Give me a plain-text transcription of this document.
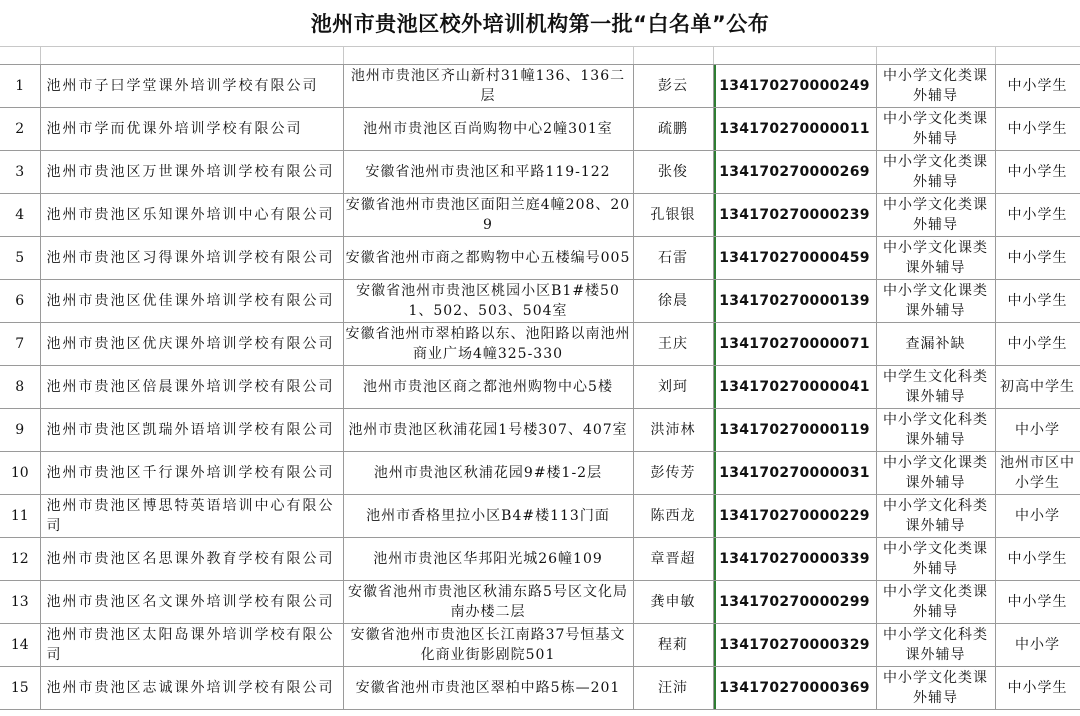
池州市贵池区校外培训机构第一批“白名单”公布
1	池州市子曰学堂课外培训学校有限公司	池州市贵池区齐山新村31幢136、136二层	彭云	134170270000249	中小学文化类课外辅导	中小学生
2	池州市学而优课外培训学校有限公司	池州市贵池区百尚购物中心2幢301室	疏鹏	134170270000011	中小学文化类课外辅导	中小学生
3	池州市贵池区万世课外培训学校有限公司	安徽省池州市贵池区和平路119-122	张俊	134170270000269	中小学文化类课外辅导	中小学生
4	池州市贵池区乐知课外培训中心有限公司	安徽省池州市贵池区面阳兰庭4幢208、209	孔银银	134170270000239	中小学文化类课外辅导	中小学生
5	池州市贵池区习得课外培训学校有限公司	安徽省池州市商之都购物中心五楼编号005	石雷	134170270000459	中小学文化课类课外辅导	中小学生
6	池州市贵池区优佳课外培训学校有限公司	安徽省池州市贵池区桃园小区B1#楼501、502、503、504室	徐晨	134170270000139	中小学文化课类课外辅导	中小学生
7	池州市贵池区优庆课外培训学校有限公司	安徽省池州市翠柏路以东、池阳路以南池州商业广场4幢325-330	王庆	134170270000071	查漏补缺	中小学生
8	池州市贵池区倍晨课外培训学校有限公司	池州市贵池区商之都池州购物中心5楼	刘珂	134170270000041	中学生文化科类课外辅导	初高中学生
9	池州市贵池区凯瑞外语培训学校有限公司	池州市贵池区秋浦花园1号楼307、407室	洪沛林	134170270000119	中小学文化科类课外辅导	中小学
10	池州市贵池区千行课外培训学校有限公司	池州市贵池区秋浦花园9#楼1-2层	彭传芳	134170270000031	中小学文化课类课外辅导	池州市区中小学生
11	池州市贵池区博思特英语培训中心有限公司	池州市香格里拉小区B4#楼113门面	陈西龙	134170270000229	中小学文化科类课外辅导	中小学
12	池州市贵池区名思课外教育学校有限公司	池州市贵池区华邦阳光城26幢109	章晋超	134170270000339	中小学文化类课外辅导	中小学生
13	池州市贵池区名文课外培训学校有限公司	安徽省池州市贵池区秋浦东路5号区文化局南办楼二层	龚申敏	134170270000299	中小学文化类课外辅导	中小学生
14	池州市贵池区太阳岛课外培训学校有限公司	安徽省池州市贵池区长江南路37号恒基文化商业街影剧院501	程莉	134170270000329	中小学文化科类课外辅导	中小学
15	池州市贵池区志诚课外培训学校有限公司	安徽省池州市贵池区翠柏中路5栋—201	汪沛	134170270000369	中小学文化类课外辅导	中小学生
